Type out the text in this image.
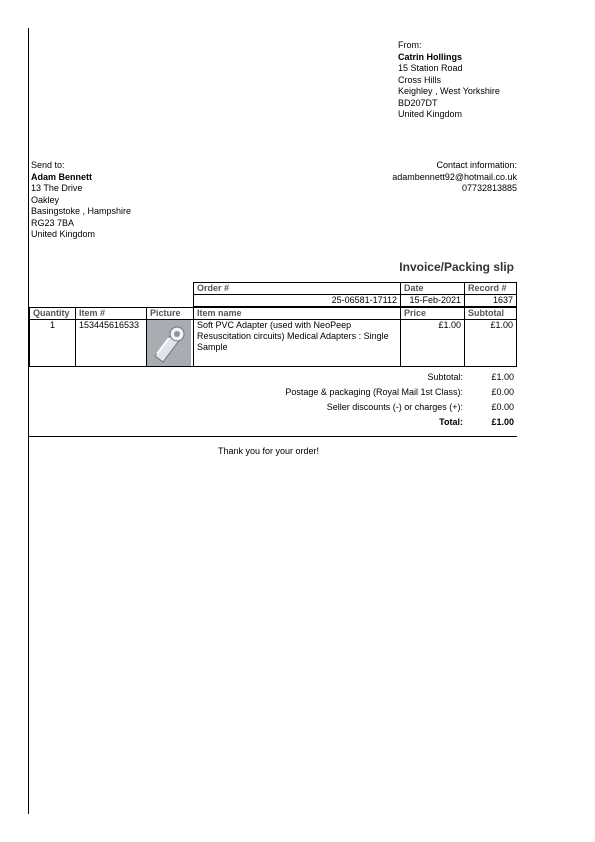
From:
Catrin Hollings
15 Station Road
Cross Hills
Keighley , West Yorkshire
BD207DT
United Kingdom
Send to:
Adam Bennett
13 The Drive
Oakley
Basingstoke , Hampshire
RG23 7BA
United Kingdom
Contact information:
adambennett92@hotmail.co.uk
07732813885
Invoice/Packing slip
Order #	Date	Record #
25-06581-17112	15-Feb-2021	1637
Quantity	Item #	Picture	Item name	Price	Subtotal
1	153445616533		Soft PVC Adapter (used with NeoPeep Resuscitation circuits) Medical Adapters : Single Sample	£1.00	£1.00
Subtotal:	£1.00
Postage & packaging (Royal Mail 1st Class):	£0.00
Seller discounts (-) or charges (+):	£0.00
Total:	£1.00
Thank you for your order!
